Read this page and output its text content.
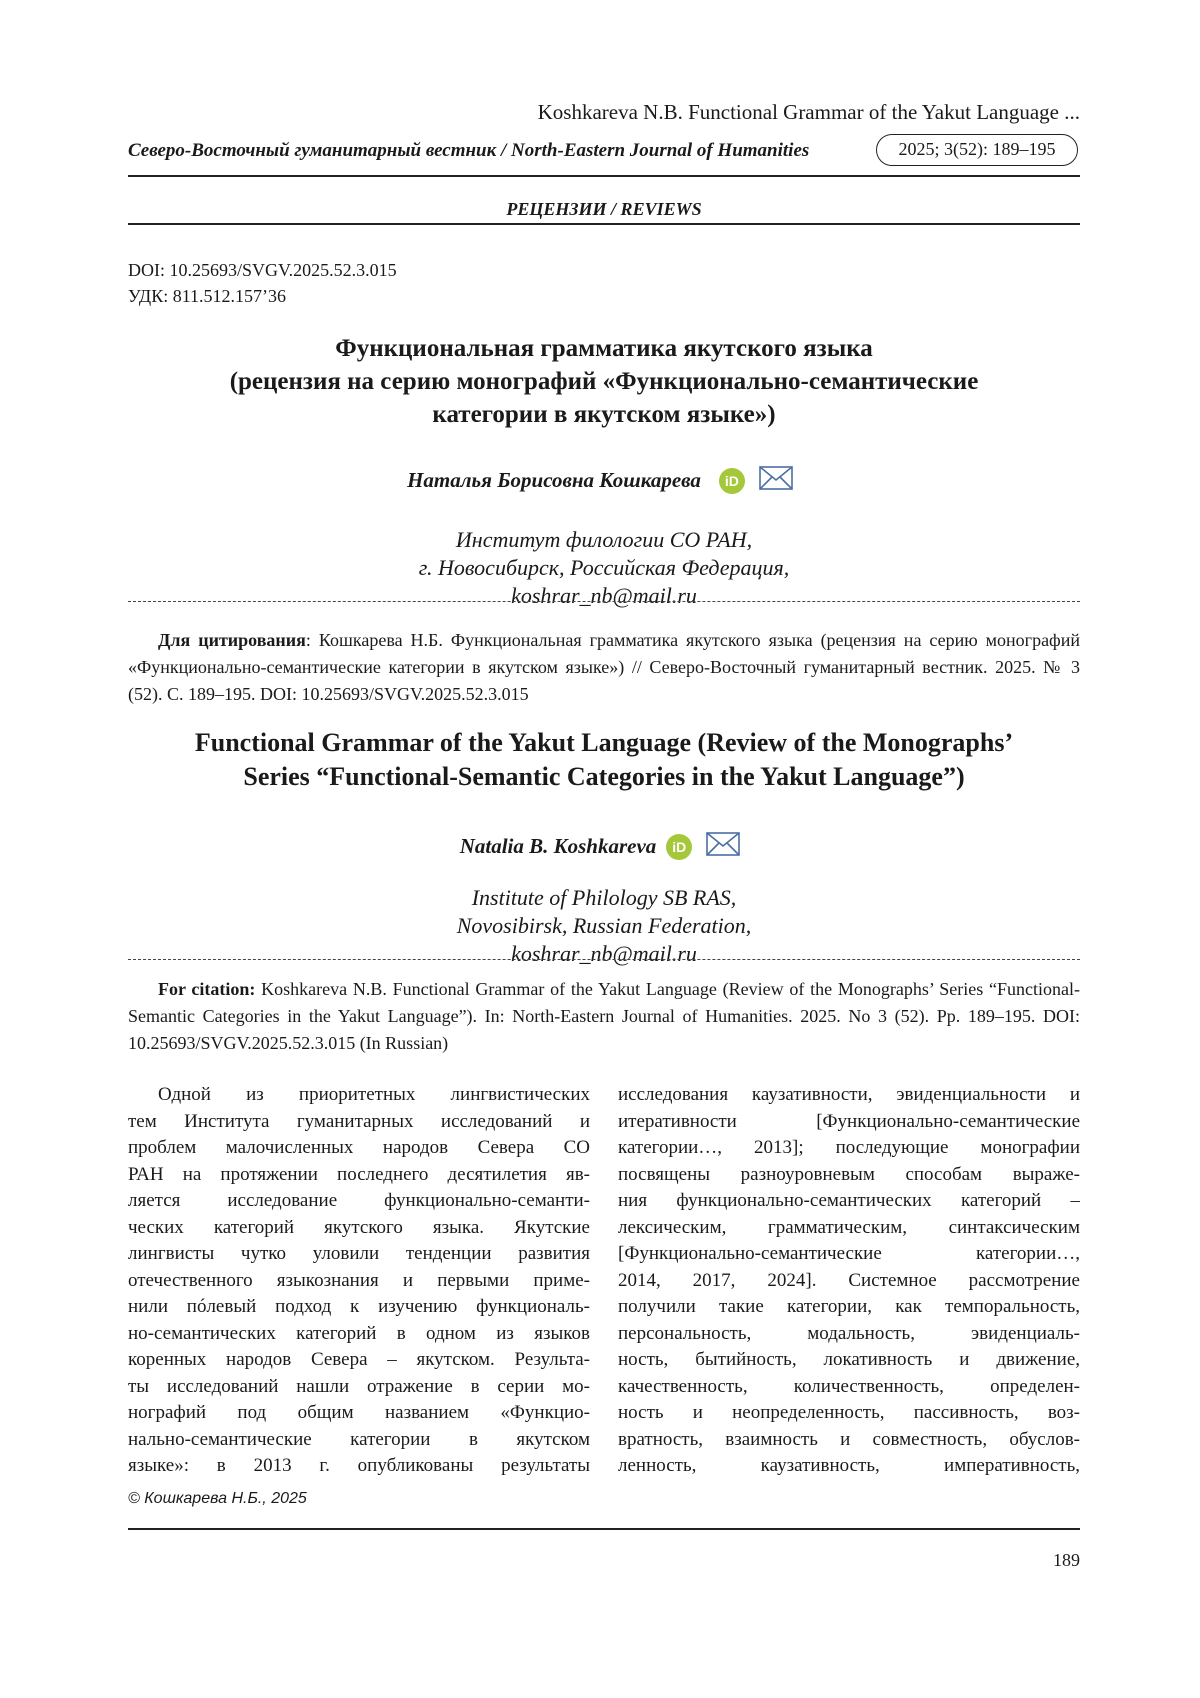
Koshkareva N.B. Functional Grammar of the Yakut Language ...
Северо-Восточный гуманитарный вестник / North-Eastern Journal of Humanities	2025; 3(52): 189–195
РЕЦЕНЗИИ / REVIEWS
DOI: 10.25693/SVGV.2025.52.3.015
УДК: 811.512.157’36
Функциональная грамматика якутского языка
(рецензия на серию монографий «Функционально-семантические
категории в якутском языке»)
Наталья Борисовна Кошкарева iD
Институт филологии СО РАН,
г. Новосибирск, Российская Федерация,
koshrar_nb@mail.ru
Для цитирования: Кошкарева Н.Б. Функциональная грамматика якутского языка (рецензия на серию монографий «Функционально-семантические категории в якутском языке») // Северо-Восточный гуманитарный вестник. 2025. № 3 (52). С. 189–195. DOI: 10.25693/SVGV.2025.52.3.015
Functional Grammar of the Yakut Language (Review of the Monographs’
Series “Functional-Semantic Categories in the Yakut Language”)
Natalia B. Koshkareva iD
Institute of Philology SB RAS,
Novosibirsk, Russian Federation,
koshrar_nb@mail.ru
For citation: Koshkareva N.B. Functional Grammar of the Yakut Language (Review of the Monographs’ Series “Functional-Semantic Categories in the Yakut Language”). In: North-Eastern Journal of Humanities. 2025. No 3 (52). Pp. 189–195. DOI: 10.25693/SVGV.2025.52.3.015 (In Russian)
Одной из приоритетных лингвистических
тем Института гуманитарных исследований и
проблем малочисленных народов Севера СО
РАН на протяжении последнего десятилетия яв-
ляется исследование функционально-семанти-
ческих категорий якутского языка. Якутские
лингвисты чутко уловили тенденции развития
отечественного языкознания и первыми приме-
нили пóлевый подход к изучению функциональ-
но-семантических категорий в одном из языков
коренных народов Севера – якутском. Результа-
ты исследований нашли отражение в серии мо-
нографий под общим названием «Функцио-
нально-семантические категории в якутском
языке»: в 2013 г. опубликованы результаты
исследования каузативности, эвиденциальности и
итеративности [Функционально-семантические
категории…, 2013]; последующие монографии
посвящены разноуровневым способам выраже-
ния функционально-семантических категорий –
лексическим, грамматическим, синтаксическим
[Функционально-семантические категории…,
2014, 2017, 2024]. Системное рассмотрение
получили такие категории, как темпоральность,
персональность, модальность, эвиденциаль-
ность, бытийность, локативность и движение,
качественность, количественность, определен-
ность и неопределенность, пассивность, воз-
вратность, взаимность и совместность, обуслов-
ленность, каузативность, императивность,
© Кошкарева Н.Б., 2025
189
